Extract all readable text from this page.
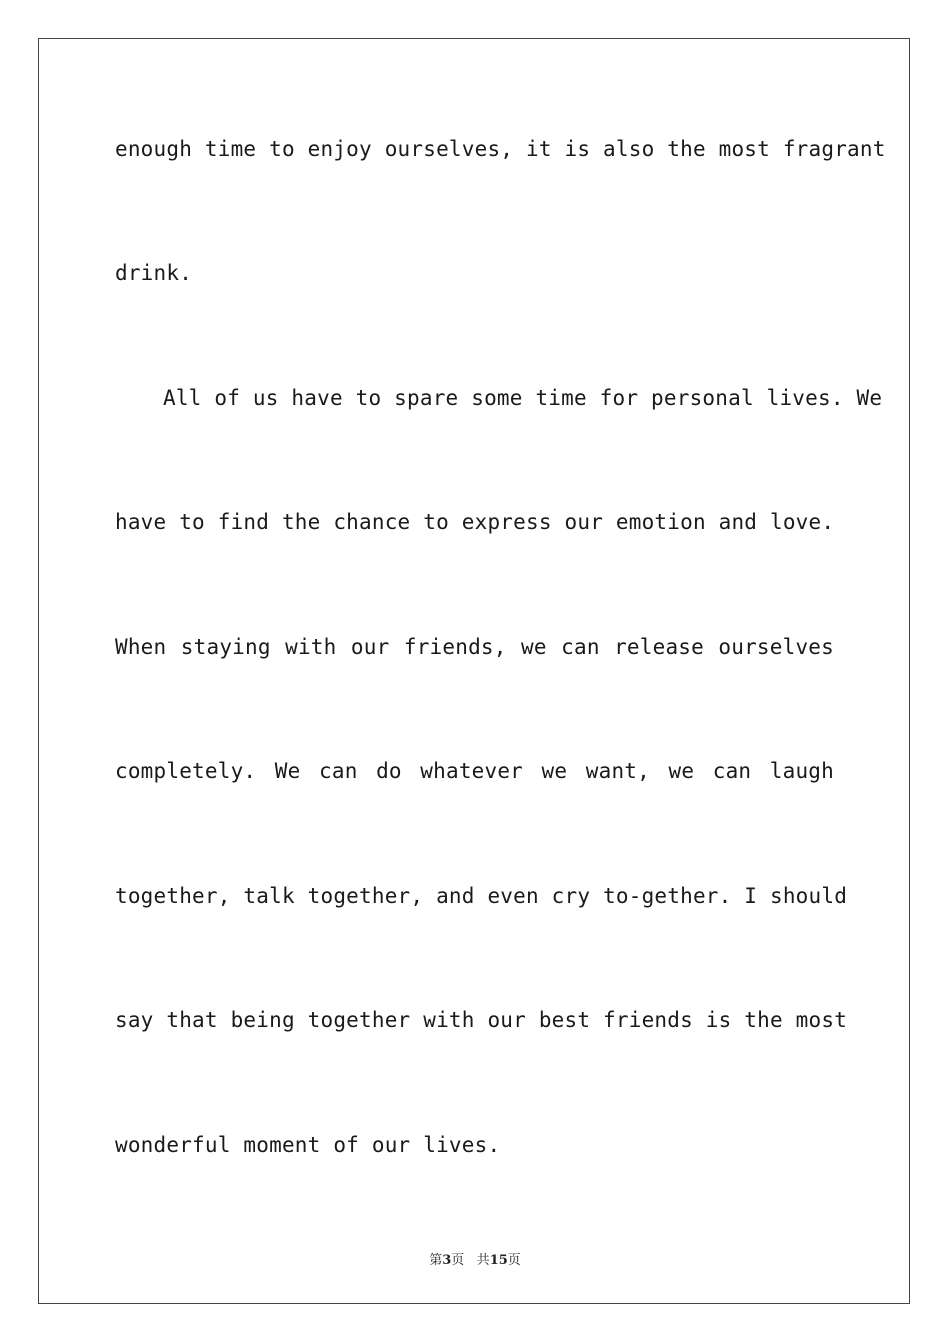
enough time to enjoy ourselves, it is also the most fragrant
drink.
All of us have to spare some time for personal lives. We
have to find the chance to express our emotion and love.
When staying with our friends, we can release ourselves
completely. We can do whatever we want, we can laugh
together, talk together, and even cry to-gether. I should
say that being together with our best friends is the most
wonderful moment of our lives.
第3页 共15页
